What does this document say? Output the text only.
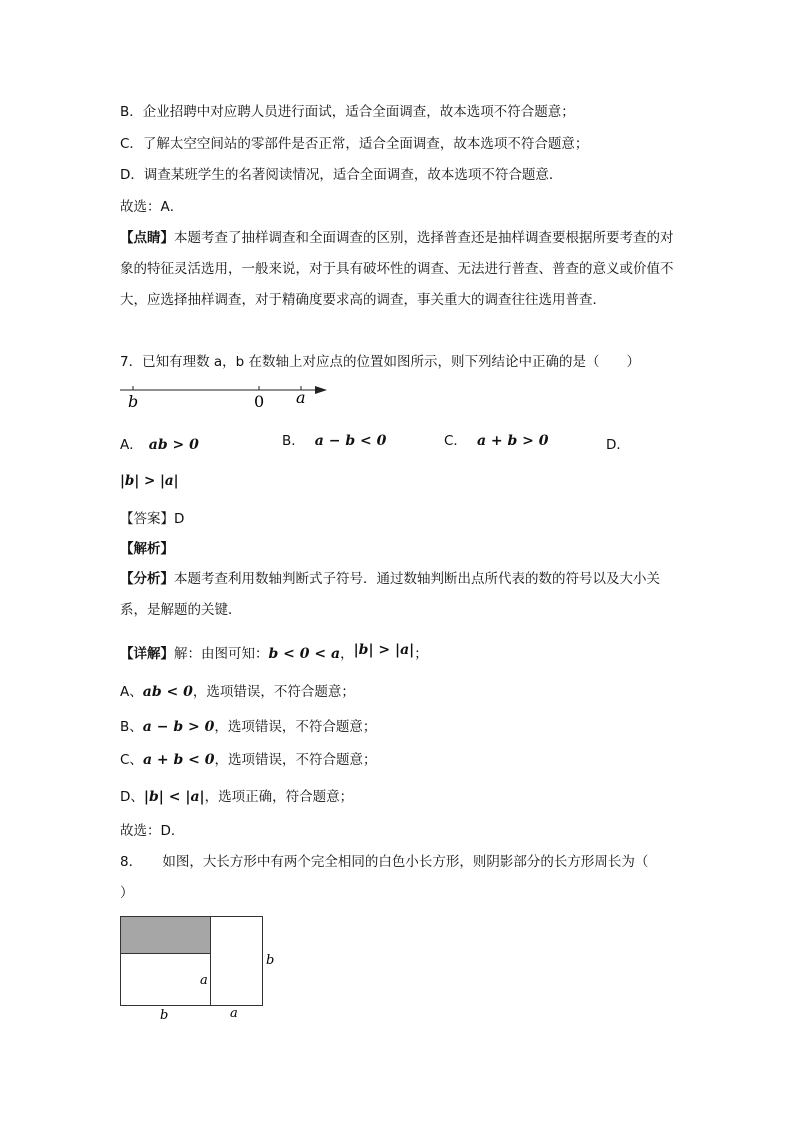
B．企业招聘中对应聘人员进行面试，适合全面调查，故本选项不符合题意；
C．了解太空空间站的零部件是否正常，适合全面调查，故本选项不符合题意；
D．调查某班学生的名著阅读情况，适合全面调查，故本选项不符合题意．
故选：A．
【点睛】本题考查了抽样调查和全面调查的区别，选择普查还是抽样调查要根据所要考查的对象的特征灵活选用，一般来说，对于具有破坏性的调查、无法进行普查、普查的意义或价值不大，应选择抽样调查，对于精确度要求高的调查，事关重大的调查往往选用普查．
7．已知有理数 a，b 在数轴上对应点的位置如图所示，则下列结论中正确的是（　　）
b	0 a
A． ab > 0	B． a − b < 0	C． a + b > 0	D．
|b| > |a|
【答案】D
【解析】
【分析】本题考查利用数轴判断式子符号．通过数轴判断出点所代表的数的符号以及大小关系，是解题的关键．
【详解】解：由图可知：b < 0 < a，|b| > |a|；
A、ab < 0，选项错误，不符合题意；
B、a − b > 0，选项错误，不符合题意；
C、a + b < 0，选项错误，不符合题意；
D、|b| < |a|，选项正确，符合题意；
故选：D．
8．　　如图，大长方形中有两个完全相同的白色小长方形，则阴影部分的长方形周长为（
）
a
b
b	a
